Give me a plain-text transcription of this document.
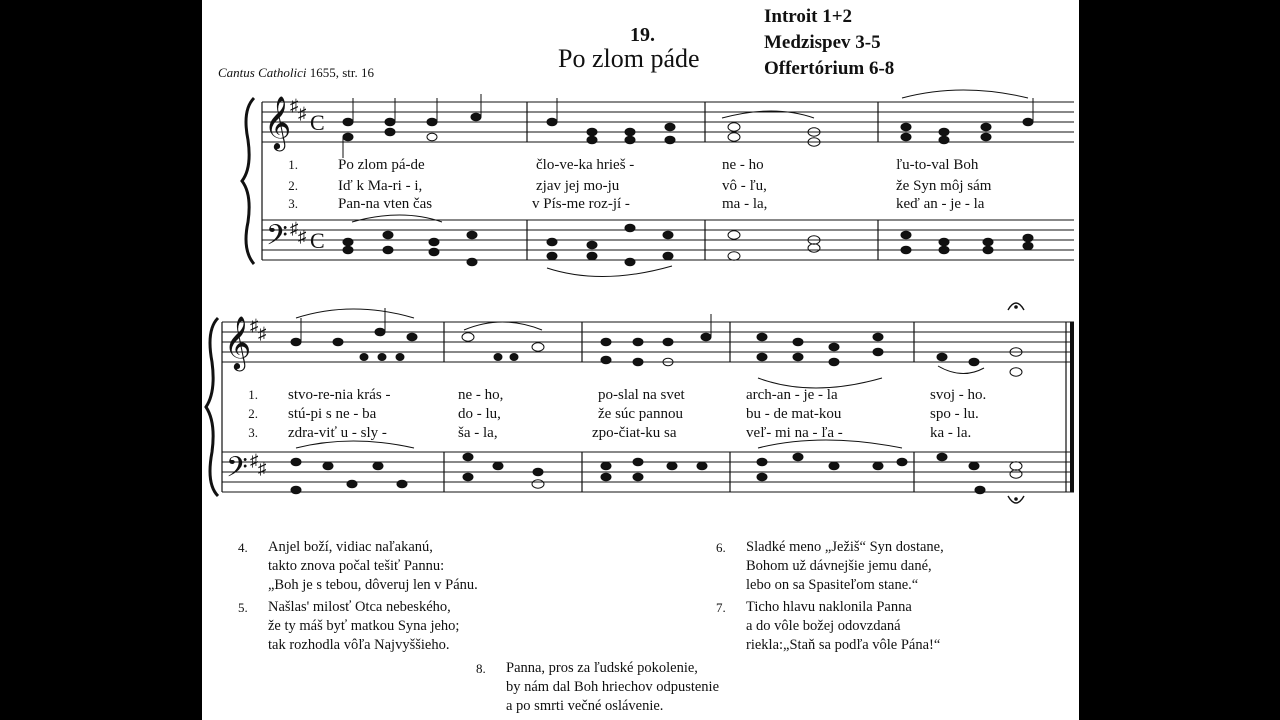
19.
Po zlom páde
Introit 1+2
Medzispev 3-5
Offertórium 6-8
Cantus Catholici 1655, str. 16
𝄞
𝄢
♯ ♯
♯ ♯
C
C
𝄞
𝄢
♯ ♯
♯ ♯
1.
2.
3.
Po zlom pá-de	člo-ve-ka hrieš -	ne - ho	ľu-to-val Boh
Iď k Ma-ri - i,	zjav jej mo-ju	vô - ľu,	že Syn môj sám
Pan-na vten čas	v Pís-me roz-jí -	ma - la,	keď an - je - la
1.
2.
3.
stvo-re-nia krás -	ne - ho,	po-slal na svet	arch-an - je - la	svoj - ho.
stú-pi s ne - ba	do - lu,	že súc pannou	bu - de mat-kou	spo - lu.
zdra-viť u - sly -	ša - la,	zpo-čiat-ku sa	veľ- mi na - ľa -	ka - la.
4. Anjel boží, vidiac naľakanú,
takto znova počal tešiť Pannu:
„Boh je s tebou, dôveruj len v Pánu.
5. Našlas' milosť Otca nebeského,
že ty máš byť matkou Syna jeho;
tak rozhodla vôľa Najvyššieho.
6. Sladké meno „Ježiš“ Syn dostane,
Bohom už dávnejšie jemu dané,
lebo on sa Spasiteľom stane.“
7. Ticho hlavu naklonila Panna
a do vôle božej odovzdaná
riekla:„Staň sa podľa vôle Pána!“
8. Panna, pros za ľudské pokolenie,
by nám dal Boh hriechov odpustenie
a po smrti večné oslávenie.
